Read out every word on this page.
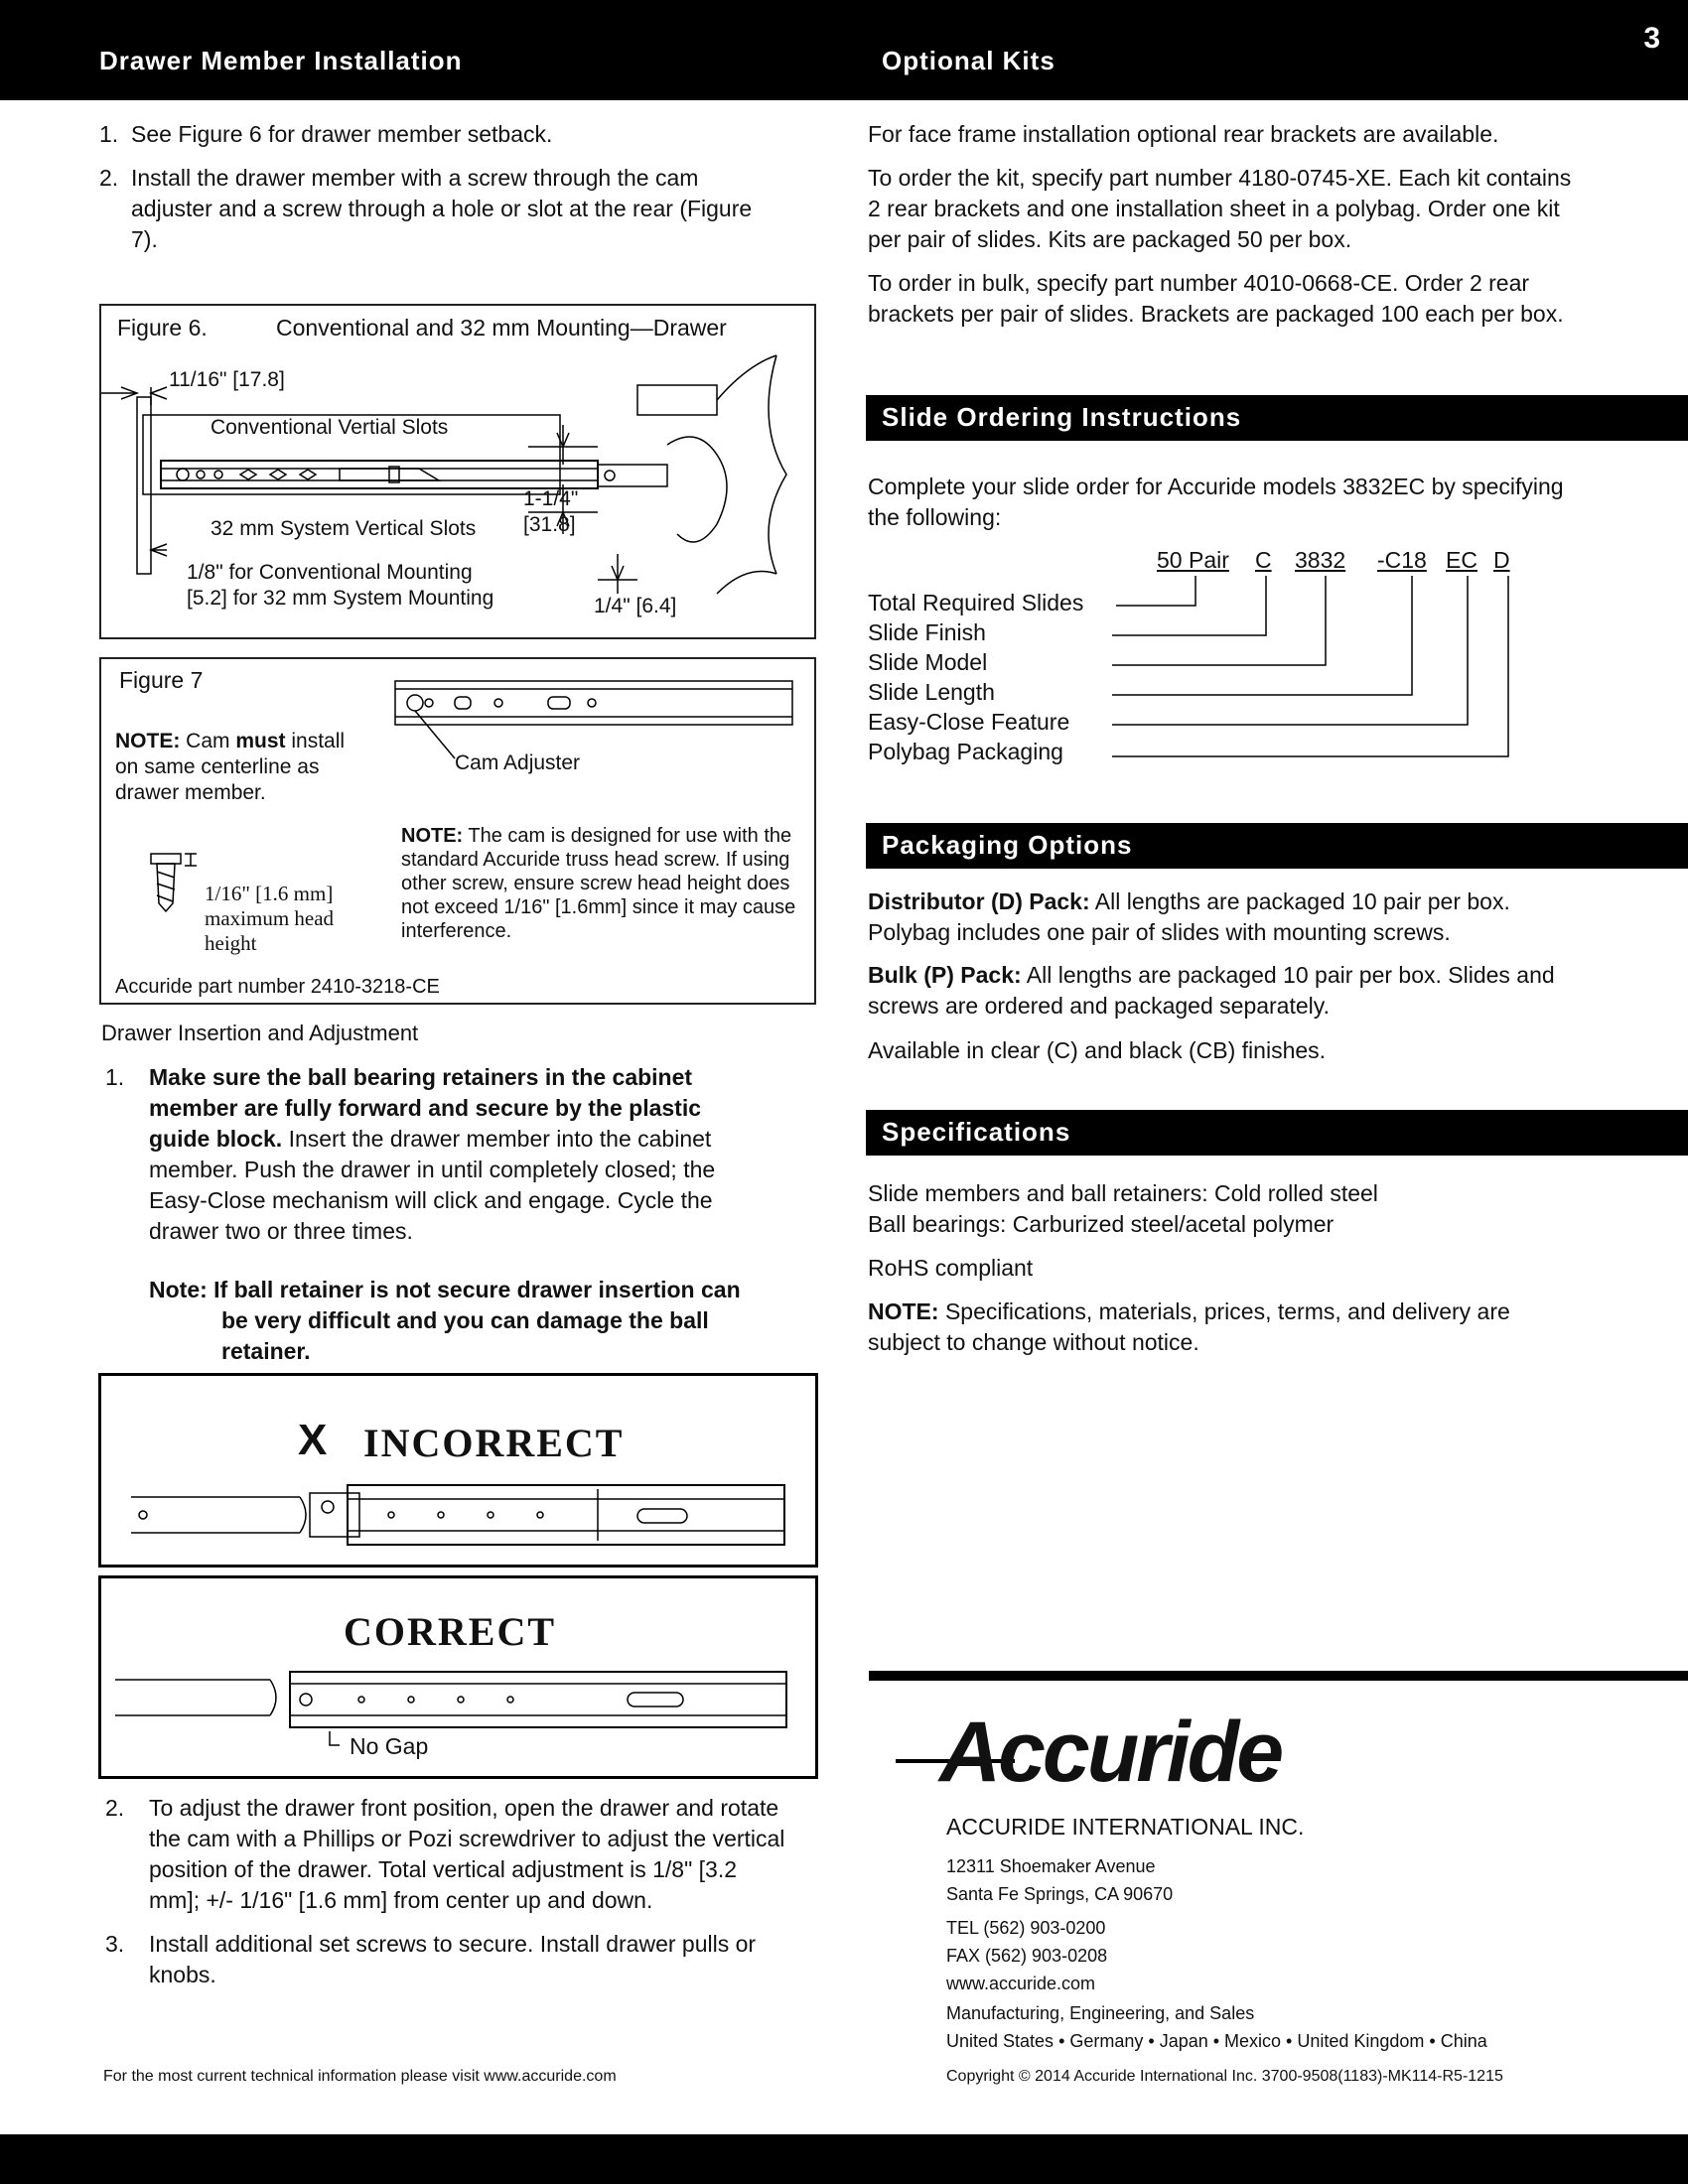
Drawer Member Installation	Optional Kits
3
1. See Figure 6 for drawer member setback.
2. Install the drawer member with a screw through the cam adjuster and a screw through a hole or slot at the rear (Figure 7).
Figure 6.	Conventional and 32 mm Mounting—Drawer
11/16" [17.8]
Conventional Vertial Slots
32 mm System Vertical Slots
1-1/4"
[31.8]
1/8" for Conventional Mounting
[5.2] for 32 mm System Mounting	1/4" [6.4]
Figure 7
NOTE: Cam must install on same centerline as drawer member.
Cam Adjuster
1/16" [1.6 mm]
maximum head
height
NOTE: The cam is designed for use with the standard Accuride truss head screw. If using other screw, ensure screw head height does not exceed 1/16" [1.6mm] since it may cause interference.
Accuride part number 2410-3218-CE
Drawer Insertion and Adjustment
1. Make sure the ball bearing retainers in the cabinet member are fully forward and secure by the plastic guide block. Insert the drawer member into the cabinet member. Push the drawer in until completely closed; the Easy-Close mechanism will click and engage. Cycle the drawer two or three times.
Note: If ball retainer is not secure drawer insertion can be very difficult and you can damage the ball retainer.
X INCORRECT
CORRECT
No Gap
2. To adjust the drawer front position, open the drawer and rotate the cam with a Phillips or Pozi screwdriver to adjust the vertical position of the drawer. Total vertical adjustment is 1/8" [3.2 mm]; +/- 1/16" [1.6 mm] from center up and down.
3. Install additional set screws to secure. Install drawer pulls or knobs.
For the most current technical information please visit www.accuride.com
For face frame installation optional rear brackets are available.
To order the kit, specify part number 4180-0745-XE. Each kit contains 2 rear brackets and one installation sheet in a polybag. Order one kit per pair of slides. Kits are packaged 50 per box.
To order in bulk, specify part number 4010-0668-CE. Order 2 rear brackets per pair of slides. Brackets are packaged 100 each per box.
Slide Ordering Instructions
Complete your slide order for Accuride models 3832EC by specifying the following:
50 Pair C 3832 -C18 EC D
Total Required Slides
Slide Finish
Slide Model
Slide Length
Easy-Close Feature
Polybag Packaging
Packaging Options
Distributor (D) Pack: All lengths are packaged 10 pair per box. Polybag includes one pair of slides with mounting screws.
Bulk (P) Pack: All lengths are packaged 10 pair per box. Slides and screws are ordered and packaged separately.
Available in clear (C) and black (CB) finishes.
Specifications
Slide members and ball retainers: Cold rolled steel
Ball bearings: Carburized steel/acetal polymer
RoHS compliant
NOTE: Specifications, materials, prices, terms, and delivery are subject to change without notice.
Accuride
ACCURIDE INTERNATIONAL INC.
12311 Shoemaker Avenue
Santa Fe Springs, CA 90670
TEL (562) 903-0200
FAX (562) 903-0208
www.accuride.com
Manufacturing, Engineering, and Sales
United States • Germany • Japan • Mexico • United Kingdom • China
Copyright © 2014 Accuride International Inc. 3700-9508(1183)-MK114-R5-1215
